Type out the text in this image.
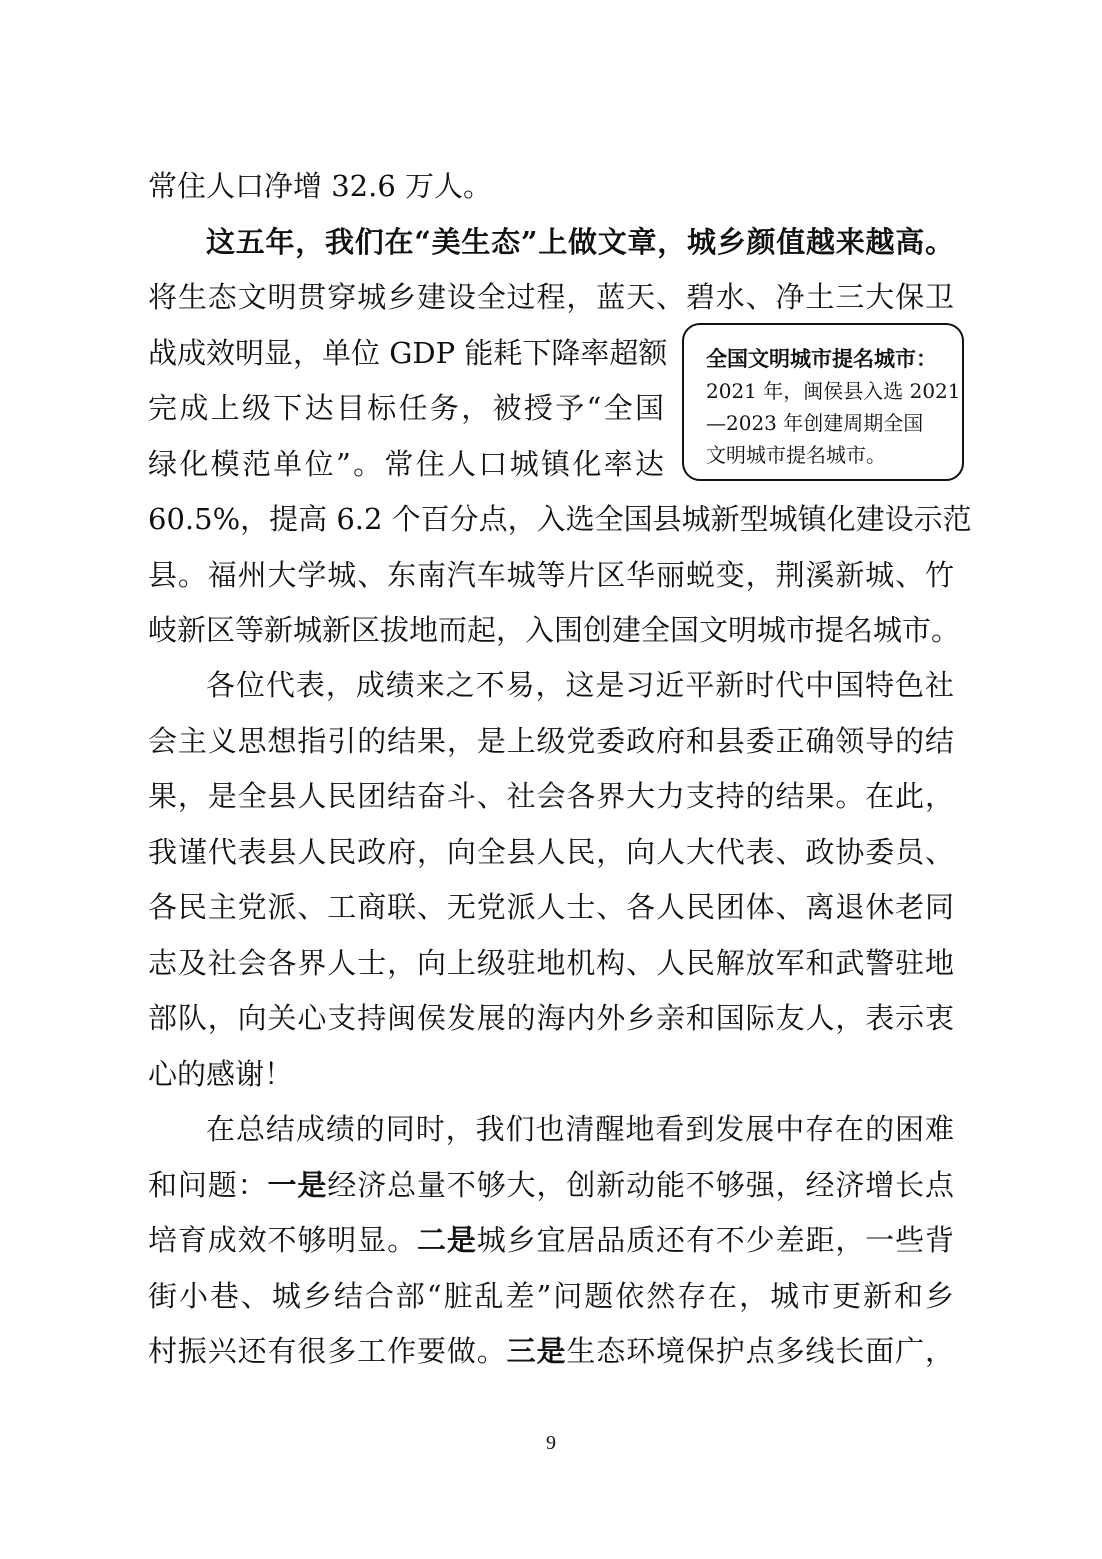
常住人口净增 32.6 万人。
这五年，我们在“美生态”上做文章，城乡颜值越来越高。
将生态文明贯穿城乡建设全过程，蓝天、碧水、净土三大保卫
战成效明显，单位 GDP 能耗下降率超额
完成上级下达目标任务，被授予“全国
绿化模范单位”。常住人口城镇化率达
60.5%，提高 6.2 个百分点，入选全国县城新型城镇化建设示范
县。福州大学城、东南汽车城等片区华丽蜕变，荆溪新城、竹
岐新区等新城新区拔地而起，入围创建全国文明城市提名城市。
全国文明城市提名城市：
2021 年，闽侯县入选 2021
—2023 年创建周期全国
文明城市提名城市。
各位代表，成绩来之不易，这是习近平新时代中国特色社
会主义思想指引的结果，是上级党委政府和县委正确领导的结
果，是全县人民团结奋斗、社会各界大力支持的结果。在此，
我谨代表县人民政府，向全县人民，向人大代表、政协委员、
各民主党派、工商联、无党派人士、各人民团体、离退休老同
志及社会各界人士，向上级驻地机构、人民解放军和武警驻地
部队，向关心支持闽侯发展的海内外乡亲和国际友人，表示衷
心的感谢！
在总结成绩的同时，我们也清醒地看到发展中存在的困难
和问题：一是经济总量不够大，创新动能不够强，经济增长点
培育成效不够明显。二是城乡宜居品质还有不少差距，一些背
街小巷、城乡结合部“脏乱差”问题依然存在，城市更新和乡
村振兴还有很多工作要做。三是生态环境保护点多线长面广，
9
